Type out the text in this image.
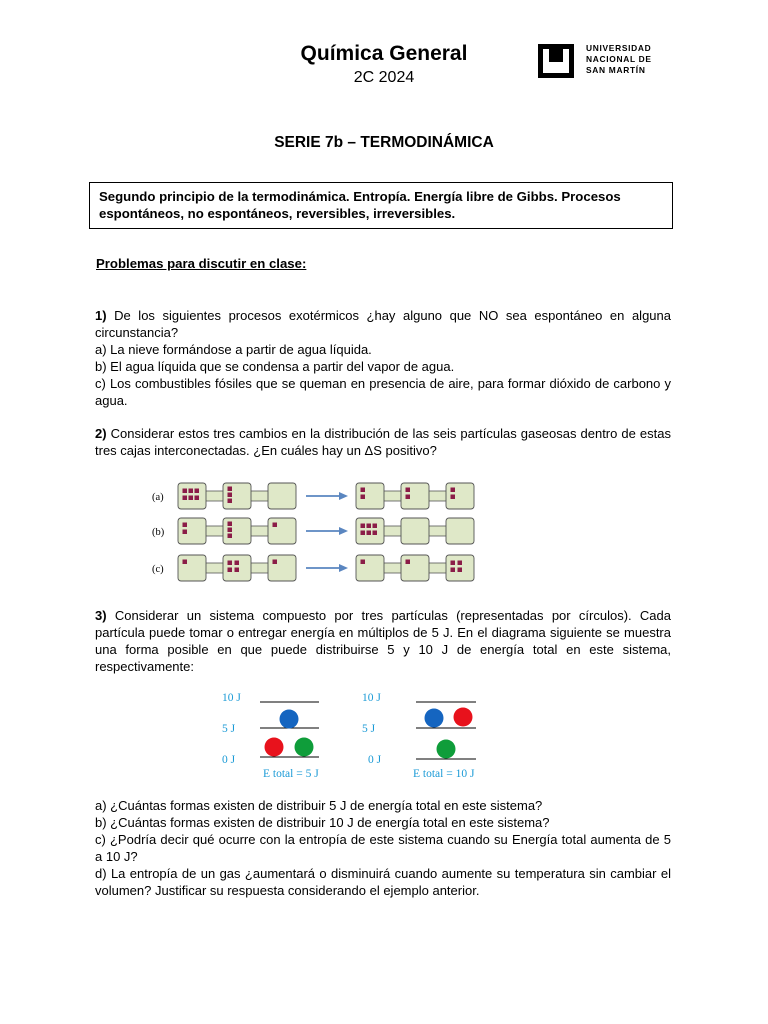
Química General
2C 2024
UNIVERSIDAD
NACIONAL DE
SAN MARTÍN
SERIE 7b – TERMODINÁMICA
Segundo principio de la termodinámica. Entropía. Energía libre de Gibbs. Procesos espontáneos, no espontáneos, reversibles, irreversibles.
Problemas para discutir en clase:

1) De los siguientes procesos exotérmicos ¿hay alguno que NO sea espontáneo en alguna circunstancia?

a) La nieve formándose a partir de agua líquida.

b) El agua líquida que se condensa a partir del vapor de agua.

c) Los combustibles fósiles que se queman en presencia de aire, para formar dióxido de carbono y agua.

2) Considerar estos tres cambios en la distribución de las seis partículas gaseosas dentro de estas tres cajas interconectadas. ¿En cuáles hay un ΔS positivo?

(a)
(b)
(c)

3) Considerar un sistema compuesto por tres partículas (representadas por círculos). Cada partícula puede tomar o entregar energía en múltiplos de 5 J. En el diagrama siguiente se muestra una forma posible en que puede distribuirse 5 y 10 J de energía total en este sistema, respectivamente:

10 J
5 J
0 J
E total = 5 J
10 J
5 J
0 J
E total = 10 J

a) ¿Cuántas formas existen de distribuir 5 J de energía total en este sistema?

b) ¿Cuántas formas existen de distribuir 10 J de energía total en este sistema?

c) ¿Podría decir qué ocurre con la entropía de este sistema cuando su Energía total aumenta de 5 a 10 J?

d) La entropía de un gas ¿aumentará o disminuirá cuando aumente su temperatura sin cambiar el volumen? Justificar su respuesta considerando el ejemplo anterior.
